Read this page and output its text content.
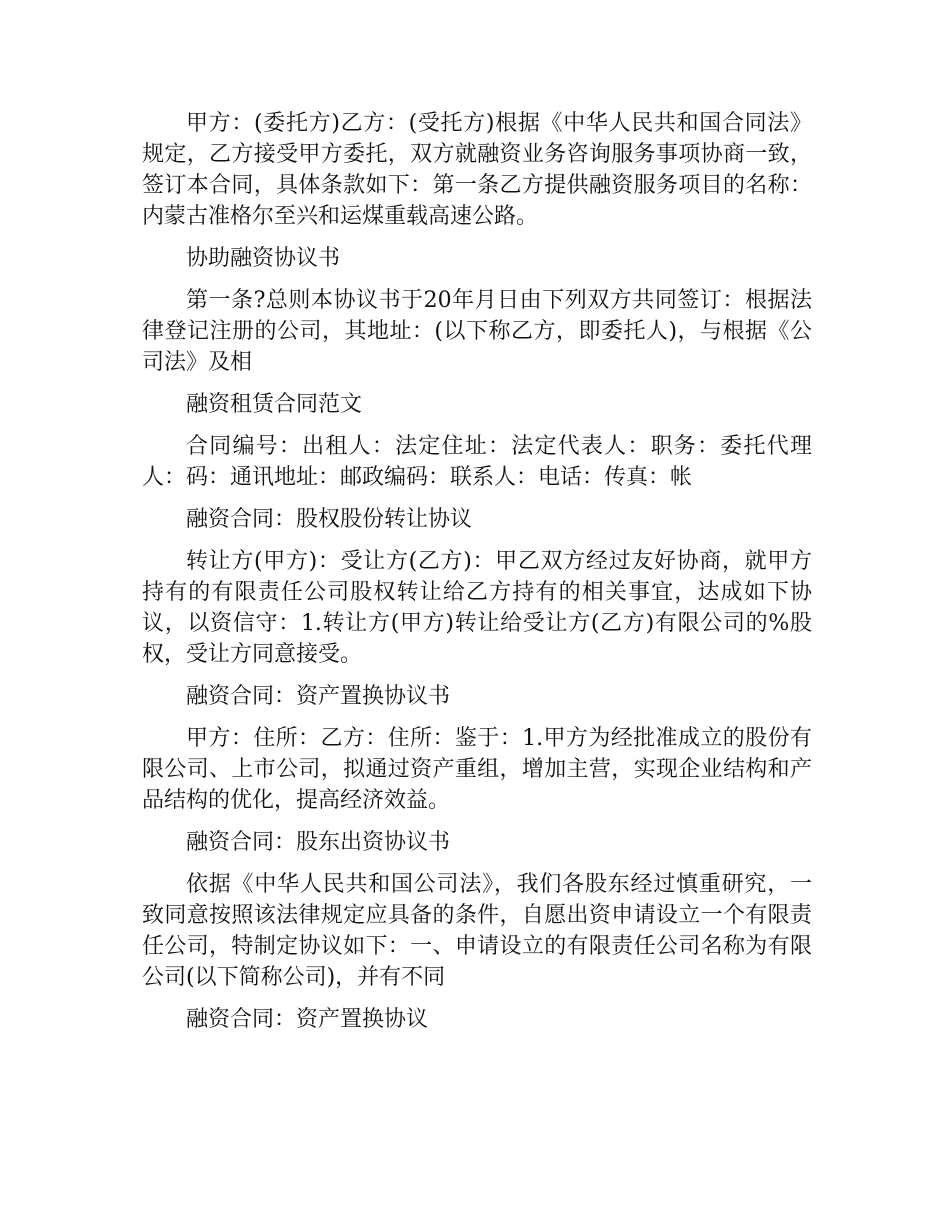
甲方：(委托方)乙方：(受托方)根据《中华人民共和国合同法》规定，乙方接受甲方委托，双方就融资业务咨询服务事项协商一致，签订本合同，具体条款如下：第一条乙方提供融资服务项目的名称：内蒙古准格尔至兴和运煤重载高速公路。

协助融资协议书

第一条?总则本协议书于20年月日由下列双方共同签订：根据法律登记注册的公司，其地址：(以下称乙方，即委托人)，与根据《公司法》及相

融资租赁合同范文

合同编号：出租人：法定住址：法定代表人：职务：委托代理人：码：通讯地址：邮政编码：联系人：电话：传真：帐

融资合同：股权股份转让协议

转让方(甲方)：受让方(乙方)：甲乙双方经过友好协商，就甲方持有的有限责任公司股权转让给乙方持有的相关事宜，达成如下协议，以资信守：1.转让方(甲方)转让给受让方(乙方)有限公司的%股权，受让方同意接受。

融资合同：资产置换协议书

甲方：住所：乙方：住所：鉴于：1.甲方为经批准成立的股份有限公司、上市公司，拟通过资产重组，增加主营，实现企业结构和产品结构的优化，提高经济效益。

融资合同：股东出资协议书

依据《中华人民共和国公司法》，我们各股东经过慎重研究，一致同意按照该法律规定应具备的条件，自愿出资申请设立一个有限责任公司，特制定协议如下：一、申请设立的有限责任公司名称为有限公司(以下简称公司)，并有不同

融资合同：资产置换协议
